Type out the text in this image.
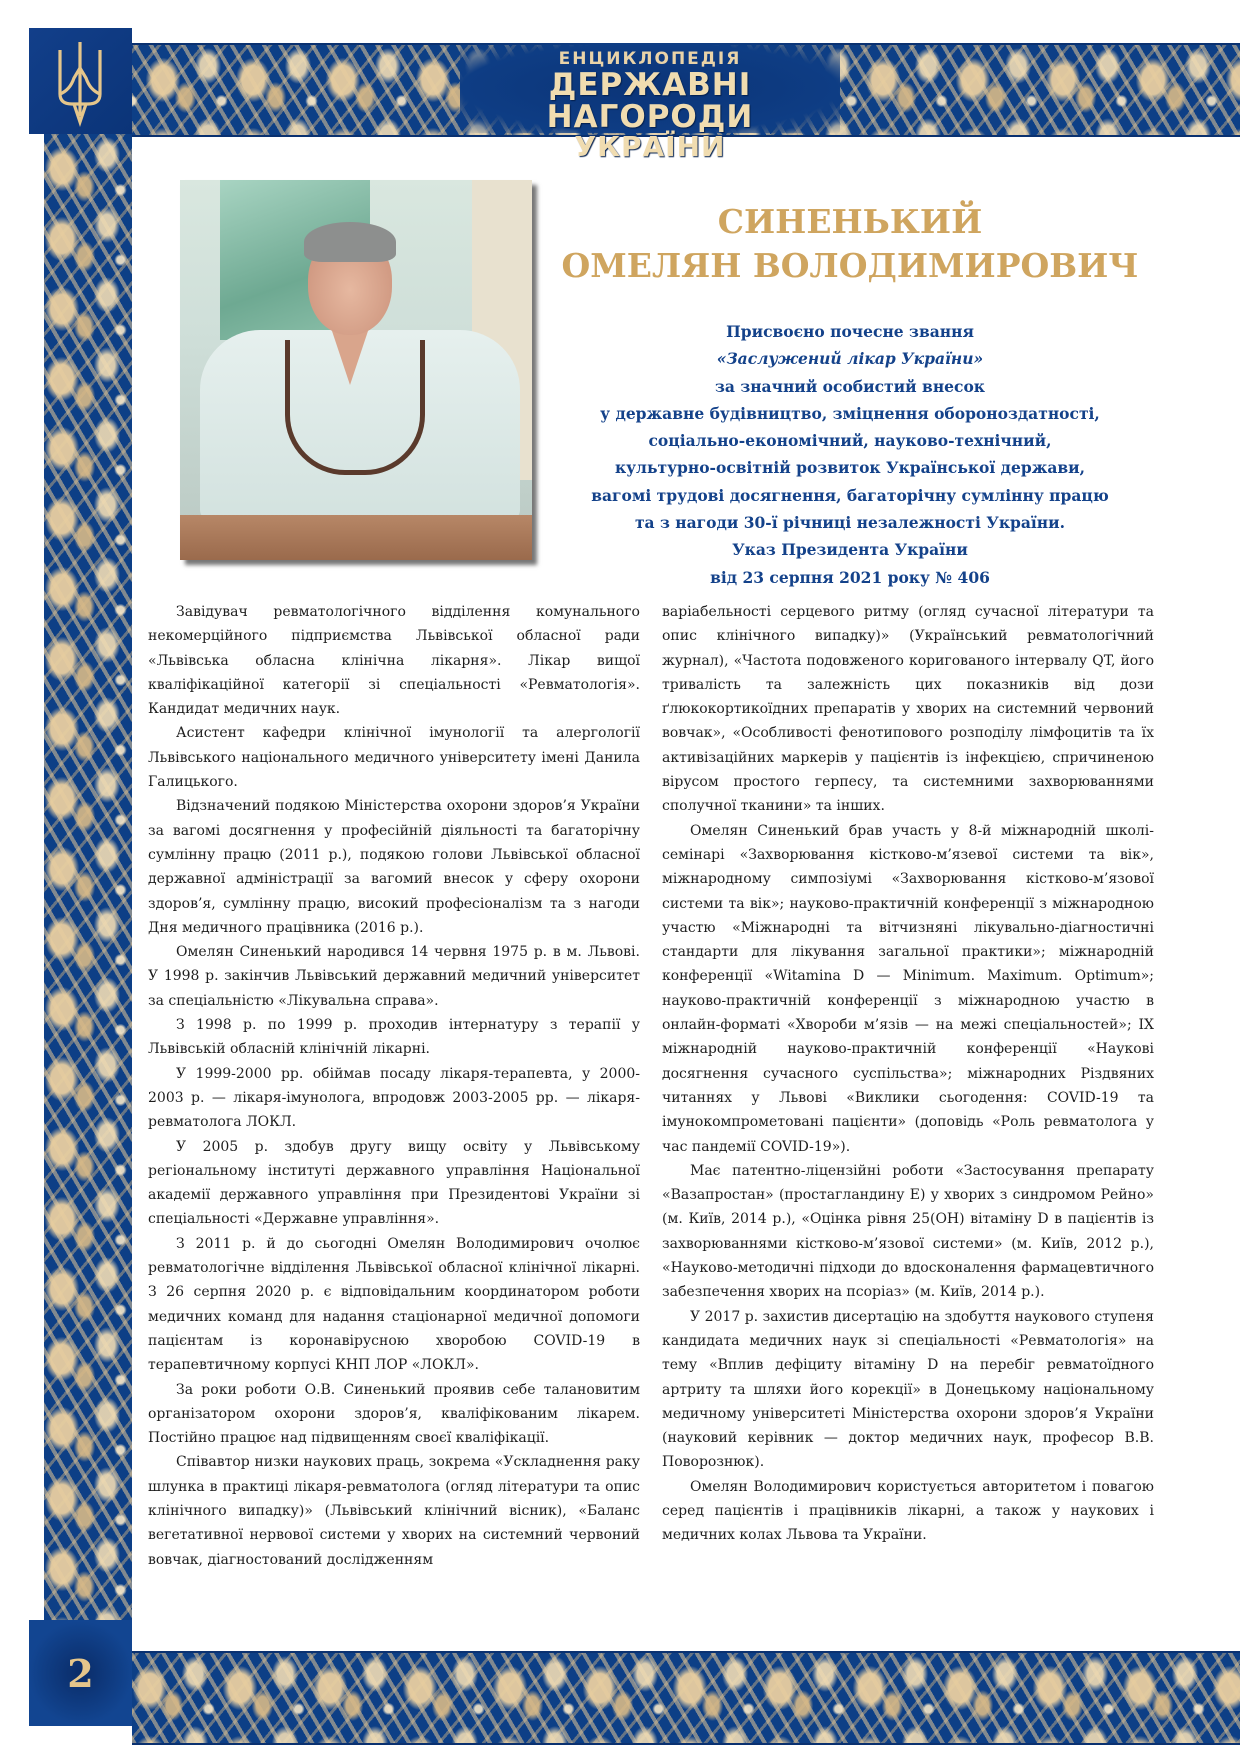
ЕНЦИКЛОПЕДІЯ
ДЕРЖАВНІ НАГОРОДИ
УКРАЇНИ
2
СИНЕНЬКИЙ
ОМЕЛЯН ВОЛОДИМИРОВИЧ
Присвоєно почесне звання
«Заслужений лікар України»
за значний особистий внесок
у державне будівництво, зміцнення обороноздатності,
соціально-економічний, науково-технічний,
культурно-освітній розвиток Української держави,
вагомі трудові досягнення, багаторічну сумлінну працю
та з нагоди 30-ї річниці незалежності України.
Указ Президента України
від 23 серпня 2021 року № 406

Завідувач ревматологічного відділення комунального некомерційного підприємства Львівської обласної ради «Львівська обласна клінічна лікарня». Лікар вищої кваліфікаційної категорії зі спеціальності «Ревматологія». Кандидат медичних наук.

Асистент кафедри клінічної імунології та алергології Львівського національного медичного університету імені Данила Галицького.

Відзначений подякою Міністерства охорони здоров’я України за вагомі досягнення у професійній діяльності та багаторічну сумлінну працю (2011 р.), подякою голови Львівської обласної державної адміністрації за вагомий внесок у сферу охорони здоров’я, сумлінну працю, високий професіоналізм та з нагоди Дня медичного працівника (2016 р.).

Омелян Синенький народився 14 червня 1975 р. в м. Львові. У 1998 р. закінчив Львівський державний медичний університет за спеціальністю «Лікувальна справа».

З 1998 р. по 1999 р. проходив інтернатуру з терапії у Львівській обласній клінічній лікарні.

У 1999-2000 рр. обіймав посаду лікаря-терапевта, у 2000-2003 р. — лікаря-імунолога, впродовж 2003-2005 рр. — лікаря-ревматолога ЛОКЛ.

У 2005 р. здобув другу вищу освіту у Львівському регіональному інституті державного управління Національної академії державного управління при Президентові України зі спеціальності «Державне управління».

З 2011 р. й до сьогодні Омелян Володимирович очолює ревматологічне відділення Львівської обласної клінічної лікарні. З 26 серпня 2020 р. є відповідальним координатором роботи медичних команд для надання стаціонарної медичної допомоги пацієнтам із коронавірусною хворобою COVID-19 в терапевтичному корпусі КНП ЛОР «ЛОКЛ».

За роки роботи О.В. Синенький проявив себе талановитим організатором охорони здоров’я, кваліфікованим лікарем. Постійно працює над підвищенням своєї кваліфікації.

Співавтор низки наукових праць, зокрема «Ускладнення раку шлунка в практиці лікаря-ревматолога (огляд літератури та опис клінічного випадку)» (Львівський клінічний вісник), «Баланс вегетативної нервової системи у хворих на системний червоний вовчак, діагностований дослідженням

варіабельності серцевого ритму (огляд сучасної літератури та опис клінічного випадку)» (Український ревматологічний журнал), «Частота подовженого коригованого інтервалу QT, його тривалість та залежність цих показників від дози ґлюкокортикоїдних препаратів у хворих на системний червоний вовчак», «Особливості фенотипового розподілу лімфоцитів та їх активізаційних маркерів у пацієнтів із інфекцією, спричиненою вірусом простого герпесу, та системними захворюваннями сполучної тканини» та інших.

Омелян Синенький брав участь у 8-й міжнародній школі-семінарі «Захворювання кістково-м’язевої системи та вік», міжнародному симпозіумі «Захворювання кістково-м’язової системи та вік»; науково-практичній конференції з міжнародною участю «Міжнародні та вітчизняні лікувально-діагностичні стандарти для лікування загальної практики»; міжнародній конференції «Witamina D — Minimum. Maximum. Optimum»; науково-практичній конференції з міжнародною участю в онлайн-форматі «Хвороби м’язів — на межі спеціальностей»; IX міжнародній науково-практичній конференції «Наукові досягнення сучасного суспільства»; міжнародних Різдвяних читаннях у Львові «Виклики сьогодення: COVID-19 та імунокомпрометовані пацієнти» (доповідь «Роль ревматолога у час пандемії COVID-19»).

Має патентно-ліцензійні роботи «Застосування препарату «Вазапростан» (простагландину Е) у хворих з синдромом Рейно» (м. Київ, 2014 р.), «Оцінка рівня 25(OH) вітаміну D в пацієнтів із захворюваннями кістково-м’язової системи» (м. Київ, 2012 р.), «Науково-методичні підходи до вдосконалення фармацевтичного забезпечення хворих на псоріаз» (м. Київ, 2014 р.).

У 2017 р. захистив дисертацію на здобуття наукового ступеня кандидата медичних наук зі спеціальності «Ревматологія» на тему «Вплив дефіциту вітаміну D на перебіг ревматоїдного артриту та шляхи його корекції» в Донецькому національному медичному університеті Міністерства охорони здоров’я України (науковий керівник — доктор медичних наук, професор В.В. Поворознюк).

Омелян Володимирович користується авторитетом і повагою серед пацієнтів і працівників лікарні, а також у наукових і медичних колах Львова та України.
